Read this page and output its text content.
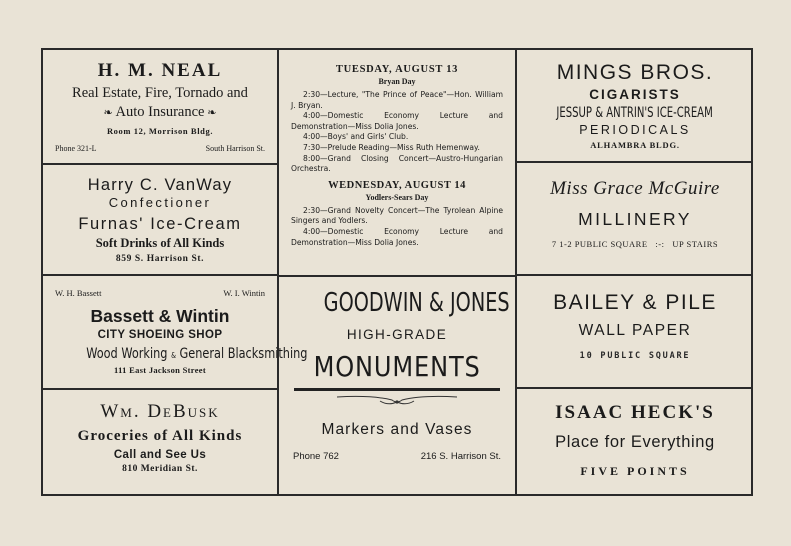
H. M. NEAL
Real Estate, Fire, Tornado and
❧ Auto Insurance ❧
Room 12, Morrison Bldg.
Phone 321-L	South Harrison St.
Harry C. VanWay
Confectioner
Furnas' Ice-Cream
Soft Drinks of All Kinds
859 S. Harrison St.
W. H. Bassett	W. I. Wintin
Bassett & Wintin
CITY SHOEING SHOP
Wood Working & General Blacksmithing
111 East Jackson Street
Wm. DeBusk
Groceries of All Kinds
Call and See Us
810 Meridian St.
TUESDAY, AUGUST 13
Bryan Day

2:30—Lecture, "The Prince of Peace"—Hon. William J. Bryan.

4:00—Domestic Economy Lecture and Demonstration—Miss Dolia Jones.

4:00—Boys' and Girls' Club.

7:30—Prelude Reading—Miss Ruth Hemenway.

8:00—Grand Closing Concert—Austro-Hungarian Orchestra.

WEDNESDAY, AUGUST 14
Yodlers-Sears Day

2:30—Grand Novelty Concert—The Tyrolean Alpine Singers and Yodlers.

4:00—Domestic Economy Lecture and Demonstration—Miss Dolia Jones.

GOODWIN & JONES
HIGH-GRADE
MONUMENTS
Markers and Vases
Phone 762	216 S. Harrison St.
MINGS BROS.
CIGARISTS
JESSUP & ANTRIN'S ICE-CREAM
PERIODICALS
ALHAMBRA BLDG.
Miss Grace McGuire
MILLINERY
7 1-2 PUBLIC SQUARE :-: UP STAIRS
BAILEY & PILE
WALL PAPER
10 PUBLIC SQUARE
ISAAC HECK'S
Place for Everything
FIVE POINTS
